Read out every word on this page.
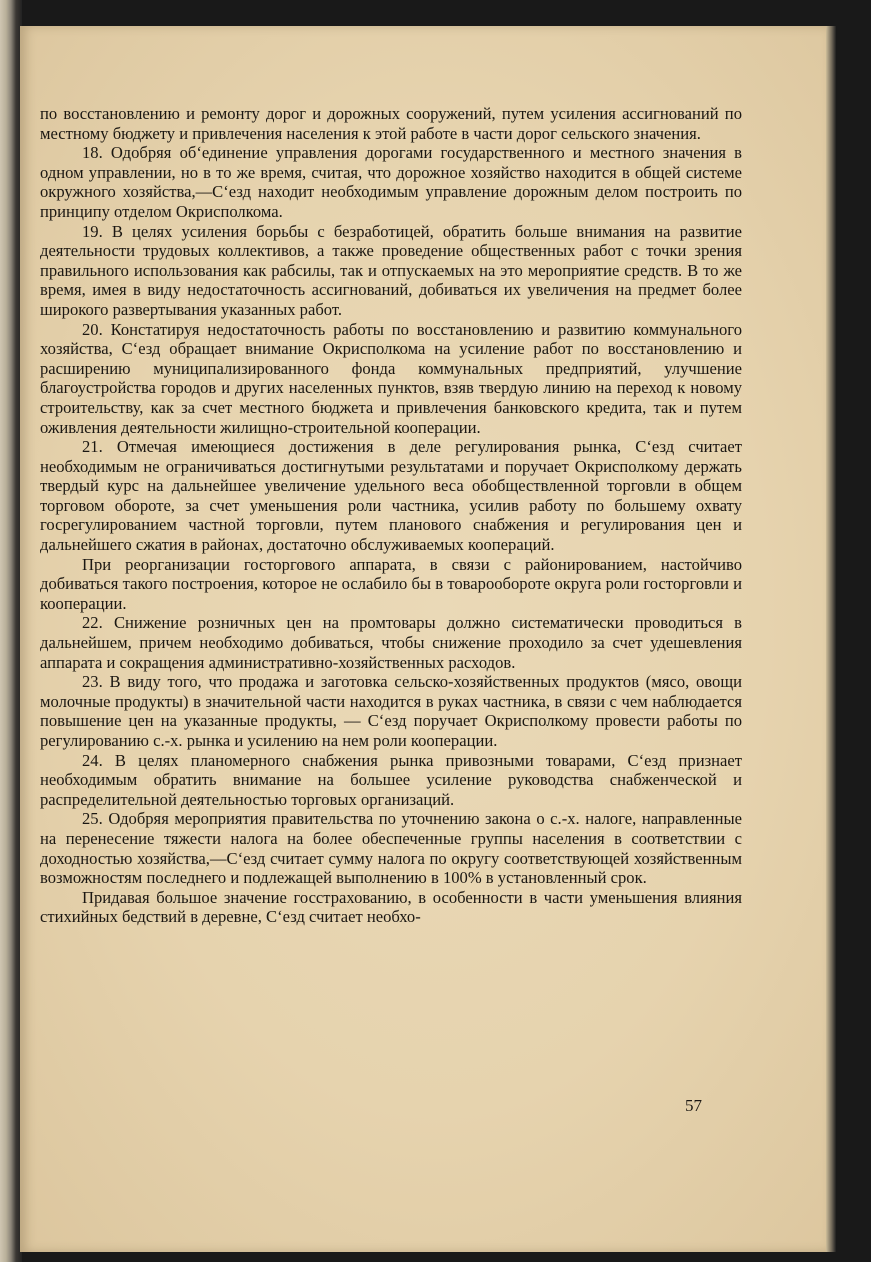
по восстановлению и ремонту дорог и дорожных сооружений, путем усиления ассигнований по местному бюджету и привлечения населения к этой работе в части дорог сельского значения.

18. Одобряя об‘единение управления дорогами государственного и местного значения в одном управлении, но в то же время, считая, что дорожное хозяйство находится в общей системе окружного хозяйства,—С‘езд находит необходимым управление дорожным делом построить по принципу отделом Окрисполкома.

19. В целях усиления борьбы с безработицей, обратить больше внимания на развитие деятельности трудовых коллективов, а также проведение общественных работ с точки зрения правильного использования как рабсилы, так и отпускаемых на это мероприятие средств. В то же время, имея в виду недостаточность ассигнований, добиваться их увеличения на предмет более широкого развертывания указанных работ.

20. Констатируя недостаточность работы по восстановлению и развитию коммунального хозяйства, С‘езд обращает внимание Окрисполкома на усиление работ по восстановлению и расширению муниципализированного фонда коммунальных предприятий, улучшение благоустройства городов и других населенных пунктов, взяв твердую линию на переход к новому строительству, как за счет местного бюджета и привлечения банковского кредита, так и путем оживления деятельности жилищно-строительной кооперации.

21. Отмечая имеющиеся достижения в деле регулирования рынка, С‘езд считает необходимым не ограничиваться достигнутыми результатами и поручает Окрисполкому держать твердый курс на дальнейшее увеличение удельного веса обобществленной торговли в общем торговом обороте, за счет уменьшения роли частника, усилив работу по большему охвату госрегулированием частной торговли, путем планового снабжения и регулирования цен и дальнейшего сжатия в районах, достаточно обслуживаемых коопераций.

При реорганизации госторгового аппарата, в связи с районированием, настойчиво добиваться такого построения, которое не ослабило бы в товарообороте округа роли госторговли и кооперации.

22. Снижение розничных цен на промтовары должно систематически проводиться в дальнейшем, причем необходимо добиваться, чтобы снижение проходило за счет удешевления аппарата и сокращения административно-хозяйственных расходов.

23. В виду того, что продажа и заготовка сельско-хозяйственных продуктов (мясо, овощи молочные продукты) в значительной части находится в руках частника, в связи с чем наблюдается повышение цен на указанные продукты, — С‘езд поручает Окрисполкому провести работы по регулированию с.-х. рынка и усилению на нем роли кооперации.

24. В целях планомерного снабжения рынка привозными товарами, С‘езд признает необходимым обратить внимание на большее усиление руководства снабженческой и распределительной деятельностью торговых организаций.

25. Одобряя мероприятия правительства по уточнению закона о с.-х. налоге, направленные на перенесение тяжести налога на более обеспеченные группы населения в соответствии с доходностью хозяйства,—С‘езд считает сумму налога по округу соответствующей хозяйственным возможностям последнего и подлежащей выполнению в 100% в установленный срок.

Придавая большое значение госстрахованию, в особенности в части уменьшения влияния стихийных бедствий в деревне, С‘езд считает необхо-

57
